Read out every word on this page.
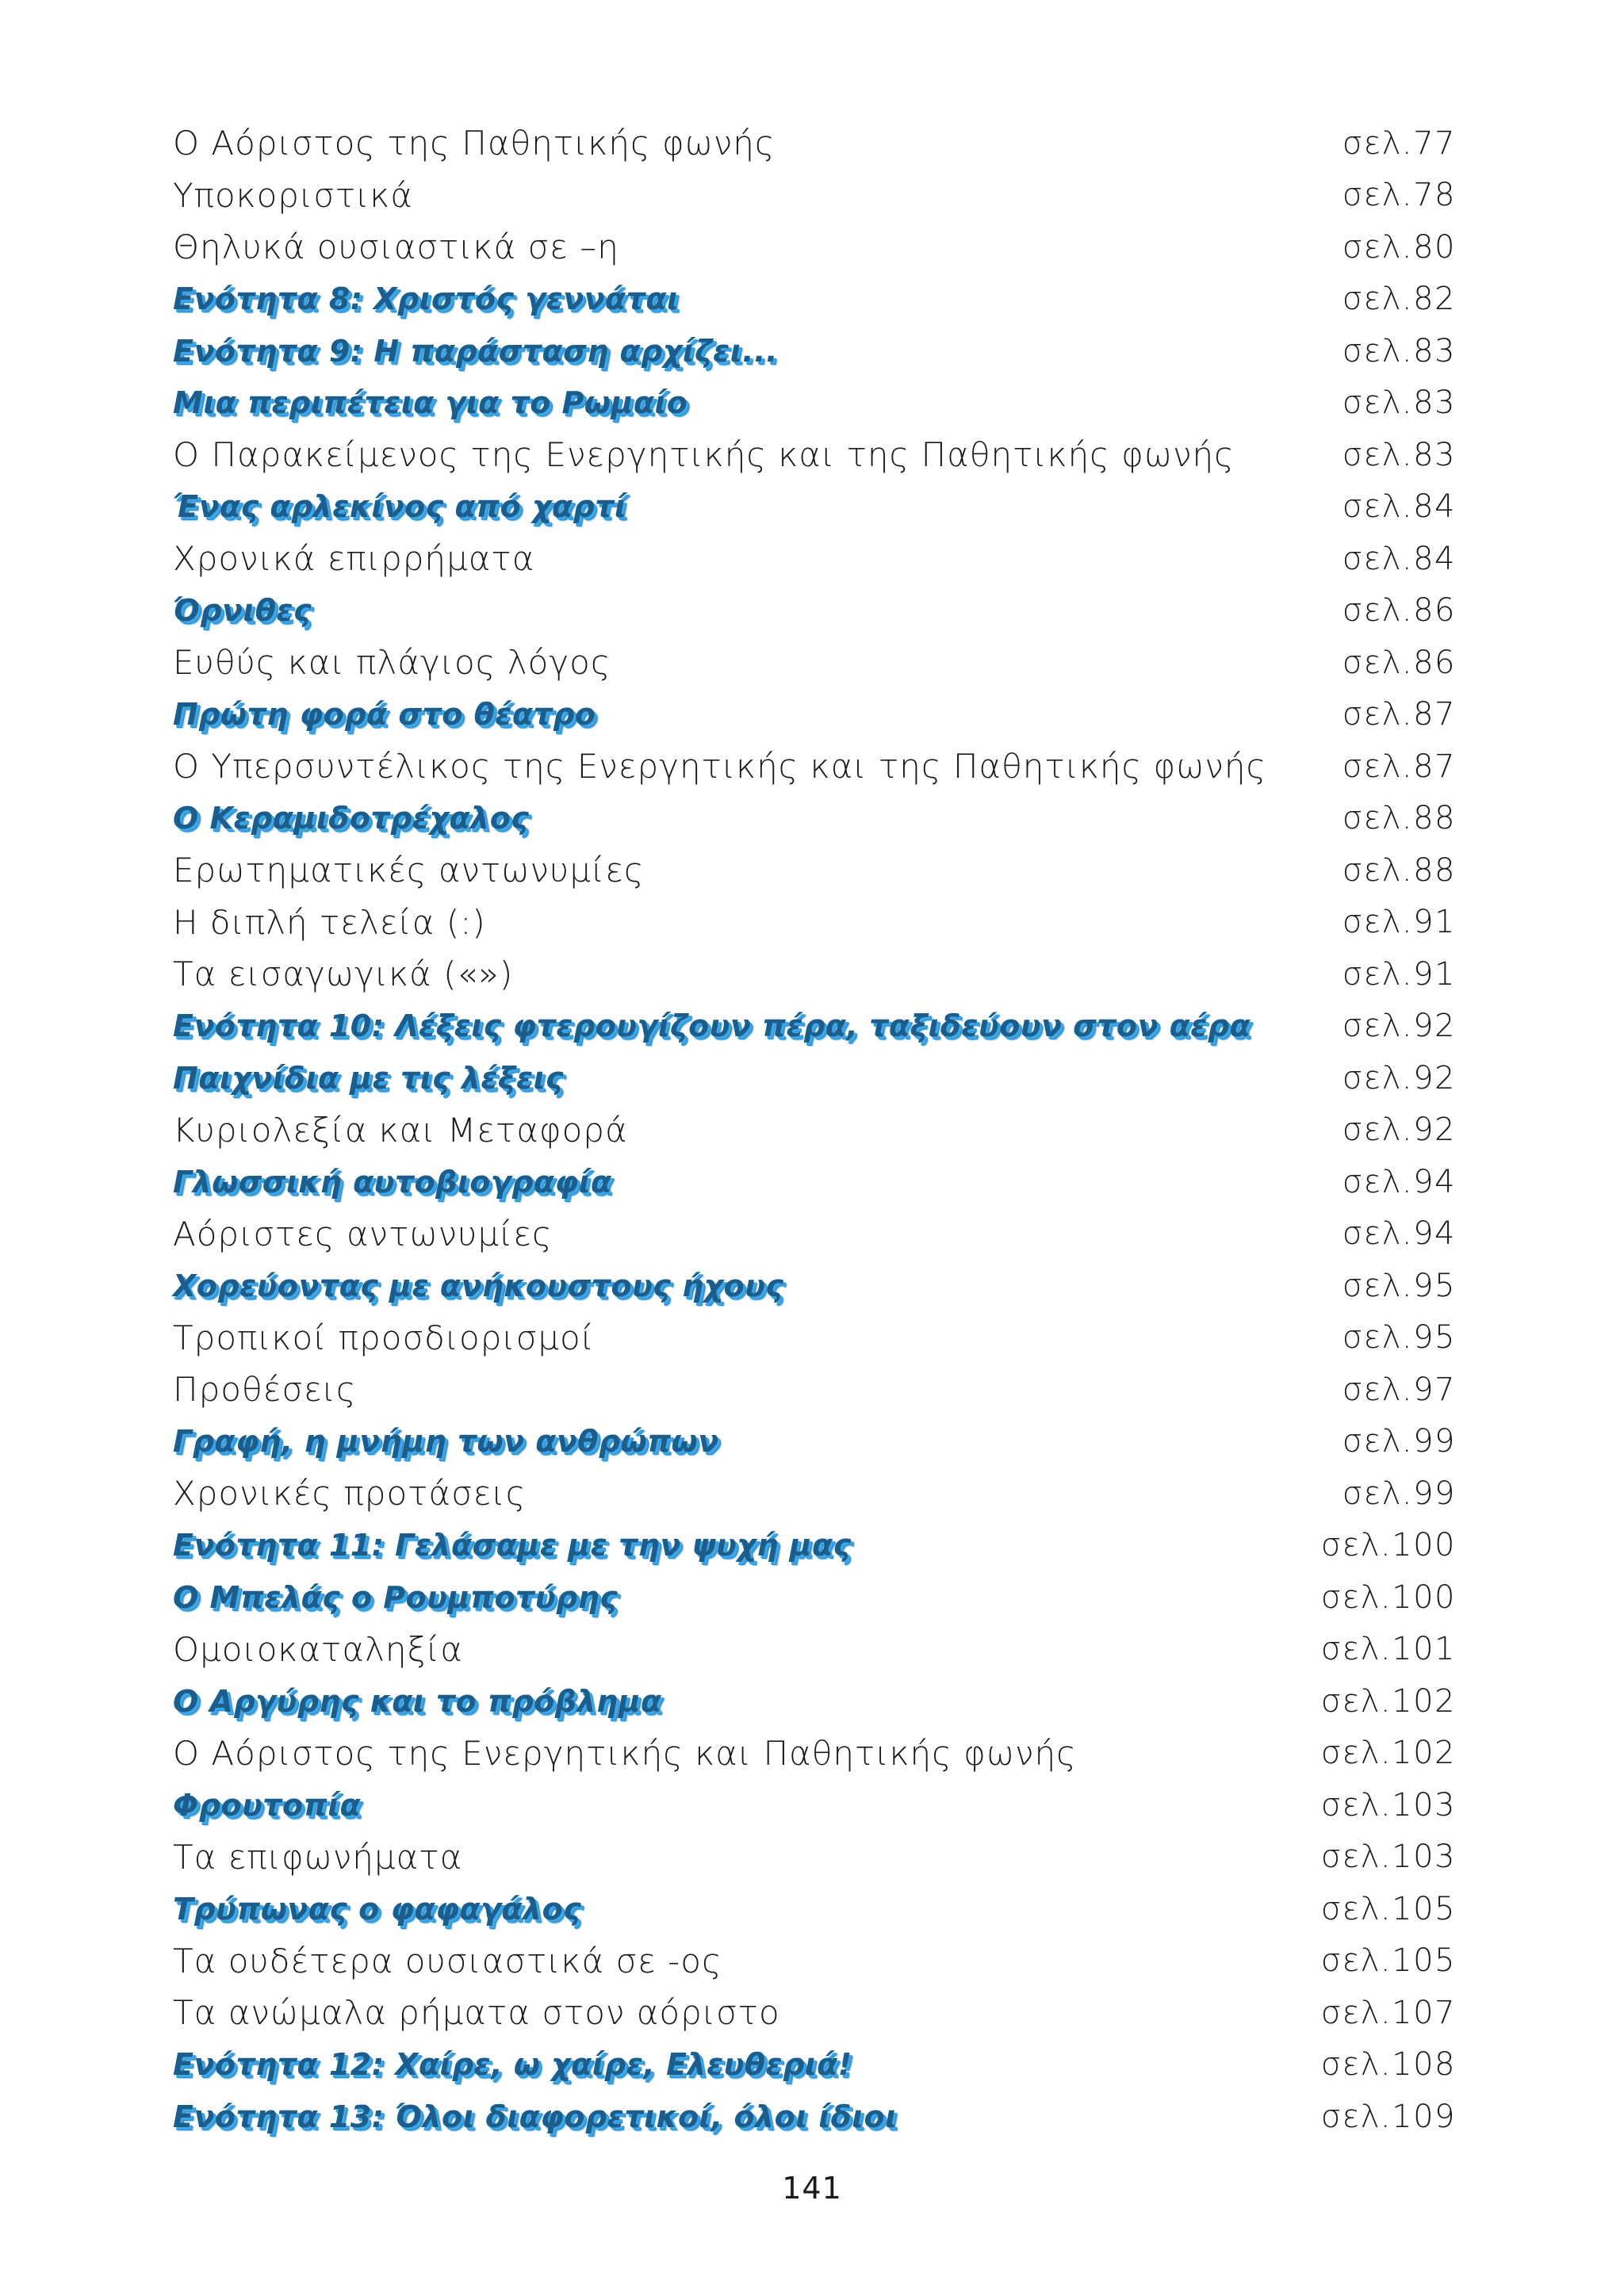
Ο Αόριστος της Παθητικής φωνής	σελ.77
Υποκοριστικά	σελ.78
Θηλυκά ουσιαστικά σε –η	σελ.80
Ενότητα 8: Χριστός γεννάται	σελ.82
Ενότητα 9: Η παράσταση αρχίζει...	σελ.83
Μια περιπέτεια για το Ρωμαίο	σελ.83
Ο Παρακείμενος της Ενεργητικής και της Παθητικής φωνής	σελ.83
Ένας αρλεκίνος από χαρτί	σελ.84
Χρονικά επιρρήματα	σελ.84
Όρνιθες	σελ.86
Ευθύς και πλάγιος λόγος	σελ.86
Πρώτη φορά στο θέατρο	σελ.87
Ο Υπερσυντέλικος της Ενεργητικής και της Παθητικής φωνής	σελ.87
Ο Κεραμιδοτρέχαλος	σελ.88
Ερωτηματικές αντωνυμίες	σελ.88
Η διπλή τελεία (:)	σελ.91
Τα εισαγωγικά («»)	σελ.91
Ενότητα 10: Λέξεις φτερουγίζουν πέρα, ταξιδεύουν στον αέρα	σελ.92
Παιχνίδια με τις λέξεις	σελ.92
Κυριολεξία και Μεταφορά	σελ.92
Γλωσσική αυτοβιογραφία	σελ.94
Αόριστες αντωνυμίες	σελ.94
Χορεύοντας με ανήκουστους ήχους	σελ.95
Τροπικοί προσδιορισμοί	σελ.95
Προθέσεις	σελ.97
Γραφή, η μνήμη των ανθρώπων	σελ.99
Χρονικές προτάσεις	σελ.99
Ενότητα 11: Γελάσαμε με την ψυχή μας	σελ.100
Ο Μπελάς ο Ρουμποτύρης	σελ.100
Ομοιοκαταληξία	σελ.101
Ο Αργύρης και το πρόβλημα	σελ.102
Ο Αόριστος της Ενεργητικής και Παθητικής φωνής	σελ.102
Φρουτοπία	σελ.103
Τα επιφωνήματα	σελ.103
Τρύπωνας ο φαφαγάλος	σελ.105
Τα ουδέτερα ουσιαστικά σε -ος	σελ.105
Τα ανώμαλα ρήματα στον αόριστο	σελ.107
Ενότητα 12: Χαίρε, ω χαίρε, Ελευθεριά!	σελ.108
Ενότητα 13: Όλοι διαφορετικοί, όλοι ίδιοι	σελ.109
141
